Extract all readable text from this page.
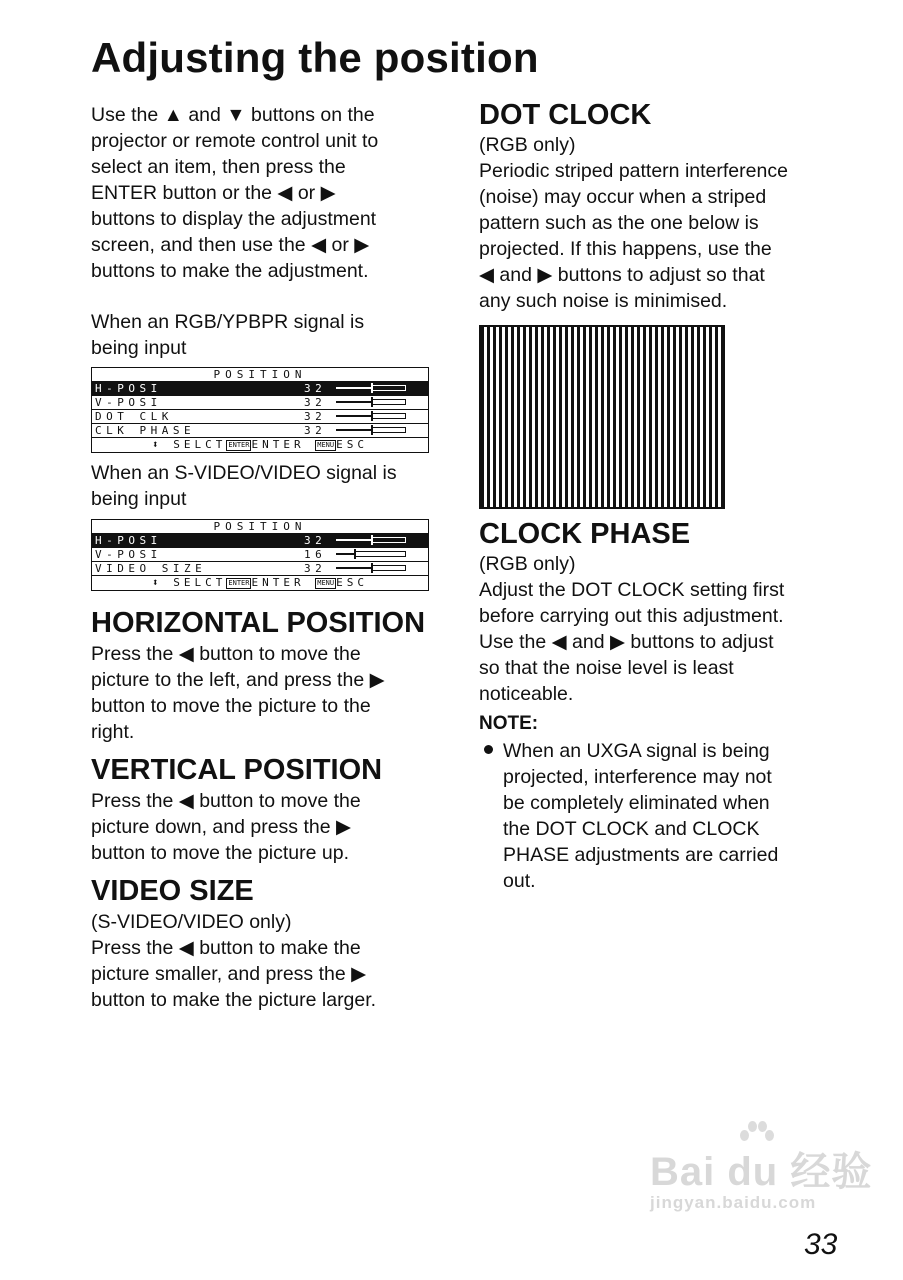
Adjusting the position

Use the ▲ and ▼ buttons on the
projector or remote control unit to
select an item, then press the
ENTER button or the ◀ or ▶
buttons to display the adjustment
screen, and then use the ◀ or ▶
buttons to make the adjustment.

When an RGB/YPBPR signal is
being input

POSITION
H-POSI	32
V-POSI	32
DOT CLK	32
CLK PHASE	32
⬍ SELCT ENTER ENTER MENU ESC

When an S-VIDEO/VIDEO signal is
being input

POSITION
H-POSI	32
V-POSI	16
VIDEO SIZE	32
⬍ SELCT ENTER ENTER MENU ESC
HORIZONTAL POSITION

Press the ◀ button to move the
picture to the left, and press the ▶
button to move the picture to the
right.

VERTICAL POSITION

Press the ◀ button to move the
picture down, and press the ▶
button to move the picture up.

VIDEO SIZE

(S-VIDEO/VIDEO only)
Press the ◀ button to make the
picture smaller, and press the ▶
button to make the picture larger.

DOT CLOCK

(RGB only)
Periodic striped pattern interference
(noise) may occur when a striped
pattern such as the one below is
projected. If this happens, use the
◀ and ▶ buttons to adjust so that
any such noise is minimised.

CLOCK PHASE

(RGB only)
Adjust the DOT CLOCK setting first
before carrying out this adjustment.
Use the ◀ and ▶ buttons to adjust
so that the noise level is least
noticeable.

NOTE:

When an UXGA signal is being
projected, interference may not
be completely eliminated when
the DOT CLOCK and CLOCK
PHASE adjustments are carried
out.

Bai du 经验
jingyan.baidu.com
33
